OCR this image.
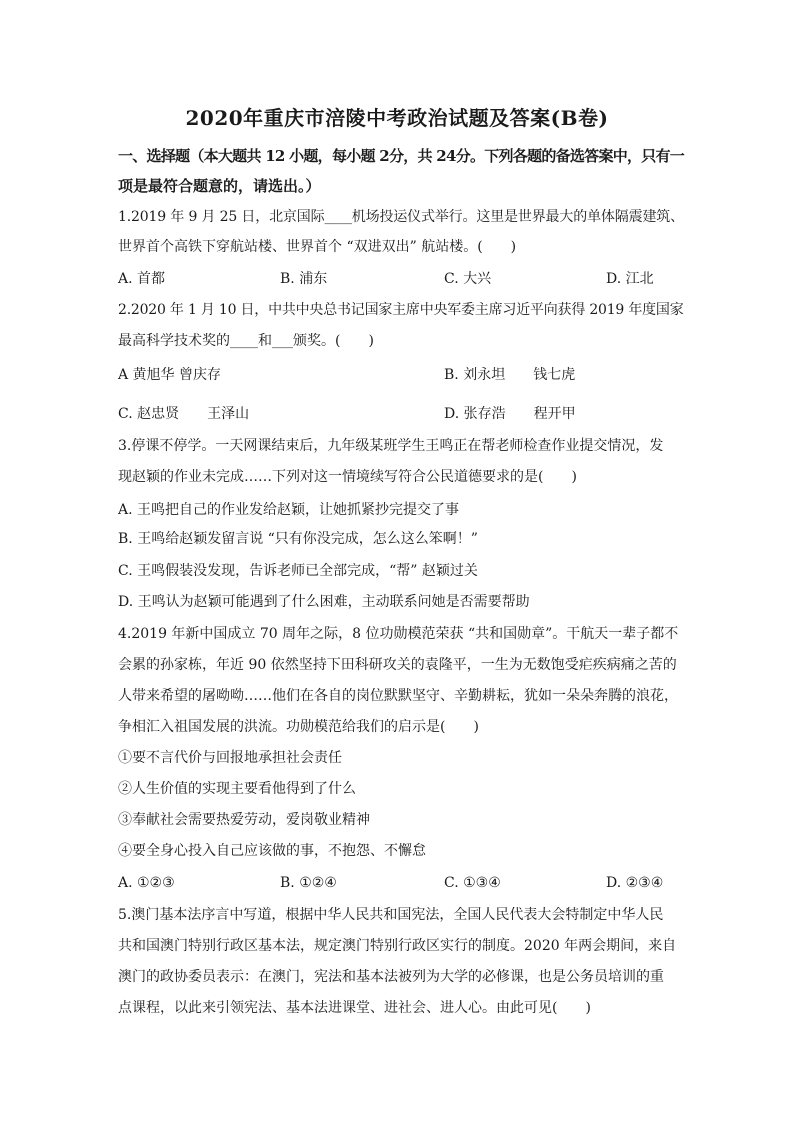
2020年重庆市涪陵中考政治试题及答案(B卷)
一、选择题（本大题共 12 小题，每小题 2分，共 24分。下列各题的备选答案中，只有一
项是最符合题意的，请选出。）
1.2019 年 9 月 25 日，北京国际____机场投运仪式举行。这里是世界最大的单体隔震建筑、
世界首个高铁下穿航站楼、世界首个 “双进双出” 航站楼。(　　)
A. 首都	B. 浦东	C. 大兴	D. 江北
2.2020 年 1 月 10 日，中共中央总书记国家主席中央军委主席习近平向获得 2019 年度国家
最高科学技术奖的____和___颁奖。(　　)
A 黄旭华 曾庆存	B. 刘永坦　　钱七虎
C. 赵忠贤　　王泽山	D. 张存浩　　程开甲
3.停课不停学。一天网课结束后，九年级某班学生王鸣正在帮老师检查作业提交情况，发
现赵颖的作业未完成……下列对这一情境续写符合公民道德要求的是(　　)
A. 王鸣把自己的作业发给赵颖，让她抓紧抄完提交了事
B. 王鸣给赵颖发留言说 “只有你没完成，怎么这么笨啊！”
C. 王鸣假装没发现，告诉老师已全部完成，“帮” 赵颖过关
D. 王鸣认为赵颖可能遇到了什么困难，主动联系问她是否需要帮助
4.2019 年新中国成立 70 周年之际，8 位功勋模范荣获 “共和国勋章”。干航天一辈子都不
会累的孙家栋，年近 90 依然坚持下田科研攻关的袁隆平，一生为无数饱受疟疾病痛之苦的
人带来希望的屠呦呦……他们在各自的岗位默默坚守、辛勤耕耘，犹如一朵朵奔腾的浪花，
争相汇入祖国发展的洪流。功勋模范给我们的启示是(　　)
①要不言代价与回报地承担社会责任
②人生价值的实现主要看他得到了什么
③奉献社会需要热爱劳动，爱岗敬业精神
④要全身心投入自己应该做的事，不抱怨、不懈怠
A. ①②③	B. ①②④	C. ①③④	D. ②③④
5.澳门基本法序言中写道，根据中华人民共和国宪法，全国人民代表大会特制定中华人民
共和国澳门特别行政区基本法，规定澳门特别行政区实行的制度。2020 年两会期间，来自
澳门的政协委员表示：在澳门，宪法和基本法被列为大学的必修课，也是公务员培训的重
点课程，以此来引领宪法、基本法进课堂、进社会、进人心。由此可见(　　)
